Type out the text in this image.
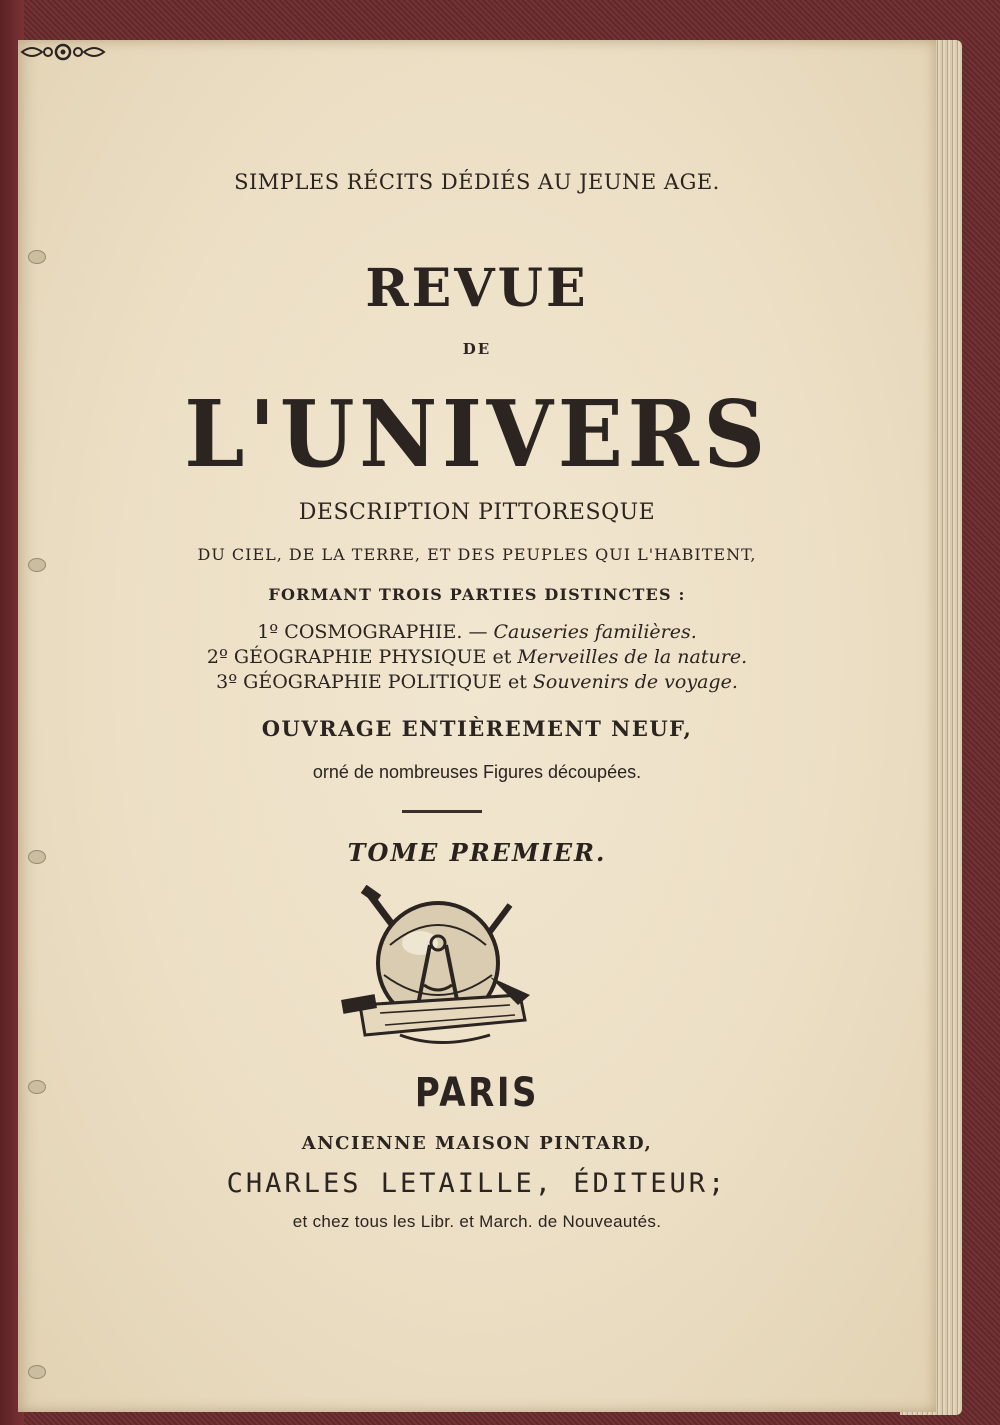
SIMPLES RÉCITS DÉDIÉS AU JEUNE AGE.
REVUE
DE
L'UNIVERS
DESCRIPTION PITTORESQUE
DU CIEL, DE LA TERRE, ET DES PEUPLES QUI L'HABITENT,
FORMANT TROIS PARTIES DISTINCTES :
1º COSMOGRAPHIE. — Causeries familières.
2º GÉOGRAPHIE PHYSIQUE et Merveilles de la nature.
3º GÉOGRAPHIE POLITIQUE et Souvenirs de voyage.
OUVRAGE ENTIÈREMENT NEUF,
orné de nombreuses Figures découpées.
TOME PREMIER.
PARIS
ANCIENNE MAISON PINTARD,
CHARLES LETAILLE, ÉDITEUR;
et chez tous les Libr. et March. de Nouveautés.
